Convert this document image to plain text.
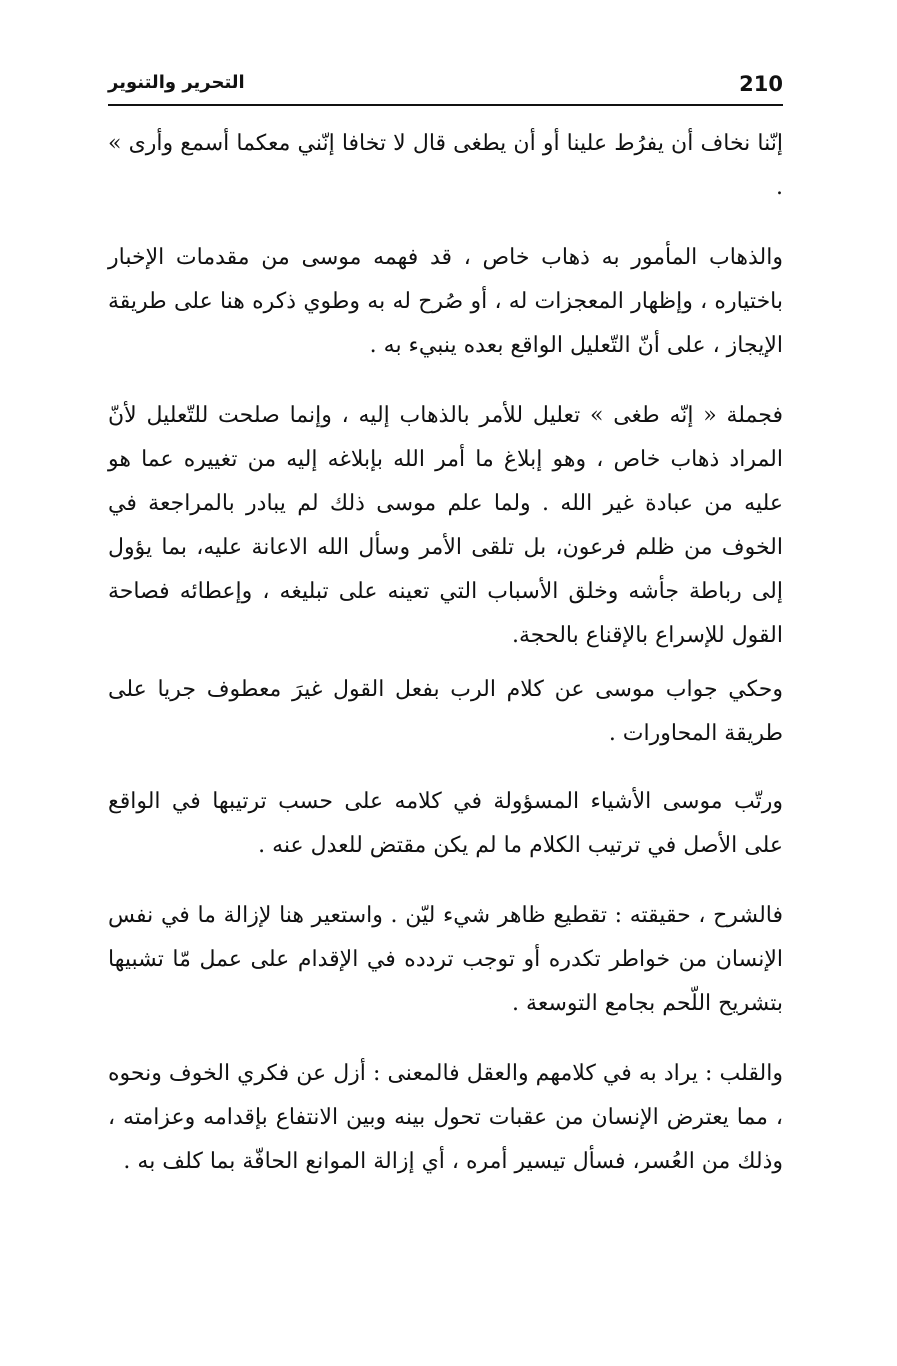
210
التحرير والتنوير

إنّنا نخاف أن يفرُط علينا أو أن يطغى قال لا تخافا إنّني معكما أسمع وأرى » .

والذهاب المأمور به ذهاب خاص ، قد فهمه موسى من مقدمات الإخبار باختياره ، وإظهار المعجزات له ، أو صُرح له به وطوي ذكره هنا على طريقة الإيجاز ، على أنّ التّعليل الواقع بعده ينبيء به .

فجملة « إنّه طغى » تعليل للأمر بالذهاب إليه ، وإنما صلحت للتّعليل لأنّ المراد ذهاب خاص ، وهو إبلاغ ما أمر الله بإبلاغه إليه من تغييره عما هو عليه من عبادة غير الله . ولما علم موسى ذلك لم يبادر بالمراجعة في الخوف من ظلم فرعون، بل تلقى الأمر وسأل الله الاعانة عليه، بما يؤول إلى رباطة جأشه وخلق الأسباب التي تعينه على تبليغه ، وإعطائه فصاحة القول للإسراع بالإقناع بالحجة.

وحكي جواب موسى عن كلام الرب بفعل القول غيرَ معطوف جريا على طريقة المحاورات .

ورتّب موسى الأشياء المسؤولة في كلامه على حسب ترتيبها في الواقع على الأصل في ترتيب الكلام ما لم يكن مقتض للعدل عنه .

فالشرح ، حقيقته : تقطيع ظاهر شيء ليّن . واستعير هنا لإزالة ما في نفس الإنسان من خواطر تكدره أو توجب تردده في الإقدام على عمل مّا تشبيها بتشريح اللّحم بجامع التوسعة .

والقلب : يراد به في كلامهم والعقل فالمعنى : أزل عن فكري الخوف ونحوه ، مما يعترض الإنسان من عقبات تحول بينه وبين الانتفاع بإقدامه وعزامته ، وذلك من العُسر، فسأل تيسير أمره ، أي إزالة الموانع الحافّة بما كلف به .
